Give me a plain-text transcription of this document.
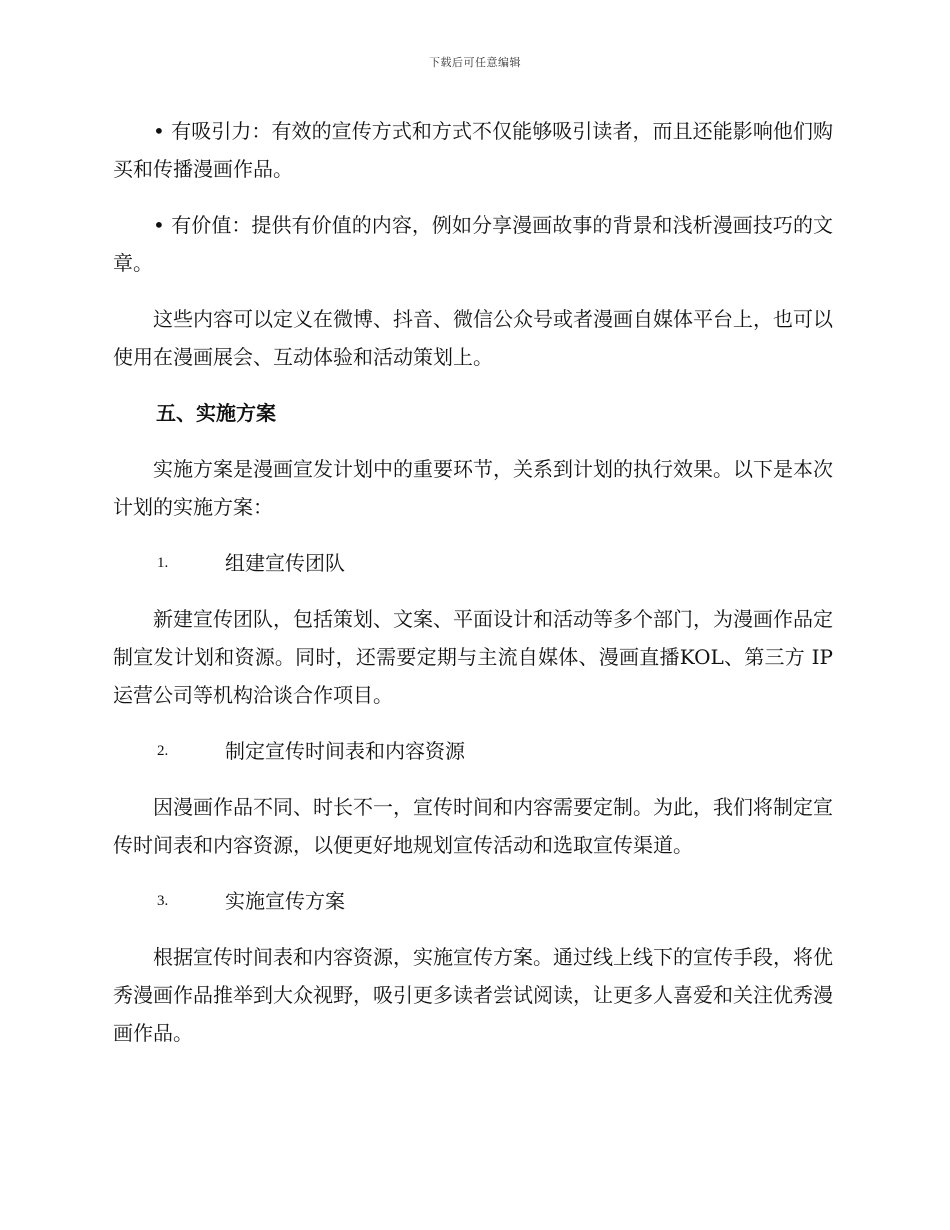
下载后可任意编辑

• 有吸引力：有效的宣传方式和方式不仅能够吸引读者，而且还能影响他们购买和传播漫画作品。

• 有价值：提供有价值的内容，例如分享漫画故事的背景和浅析漫画技巧的文章。

这些内容可以定义在微博、抖音、微信公众号或者漫画自媒体平台上，也可以使用在漫画展会、互动体验和活动策划上。

五、实施方案

实施方案是漫画宣发计划中的重要环节，关系到计划的执行效果。以下是本次计划的实施方案：

1.	组建宣传团队

新建宣传团队，包括策划、文案、平面设计和活动等多个部门，为漫画作品定制宣发计划和资源。同时，还需要定期与主流自媒体、漫画直播KOL、第三方 IP 运营公司等机构洽谈合作项目。

2.	制定宣传时间表和内容资源

因漫画作品不同、时长不一，宣传时间和内容需要定制。为此，我们将制定宣传时间表和内容资源，以便更好地规划宣传活动和选取宣传渠道。

3.	实施宣传方案

根据宣传时间表和内容资源，实施宣传方案。通过线上线下的宣传手段，将优秀漫画作品推举到大众视野，吸引更多读者尝试阅读，让更多人喜爱和关注优秀漫画作品。
